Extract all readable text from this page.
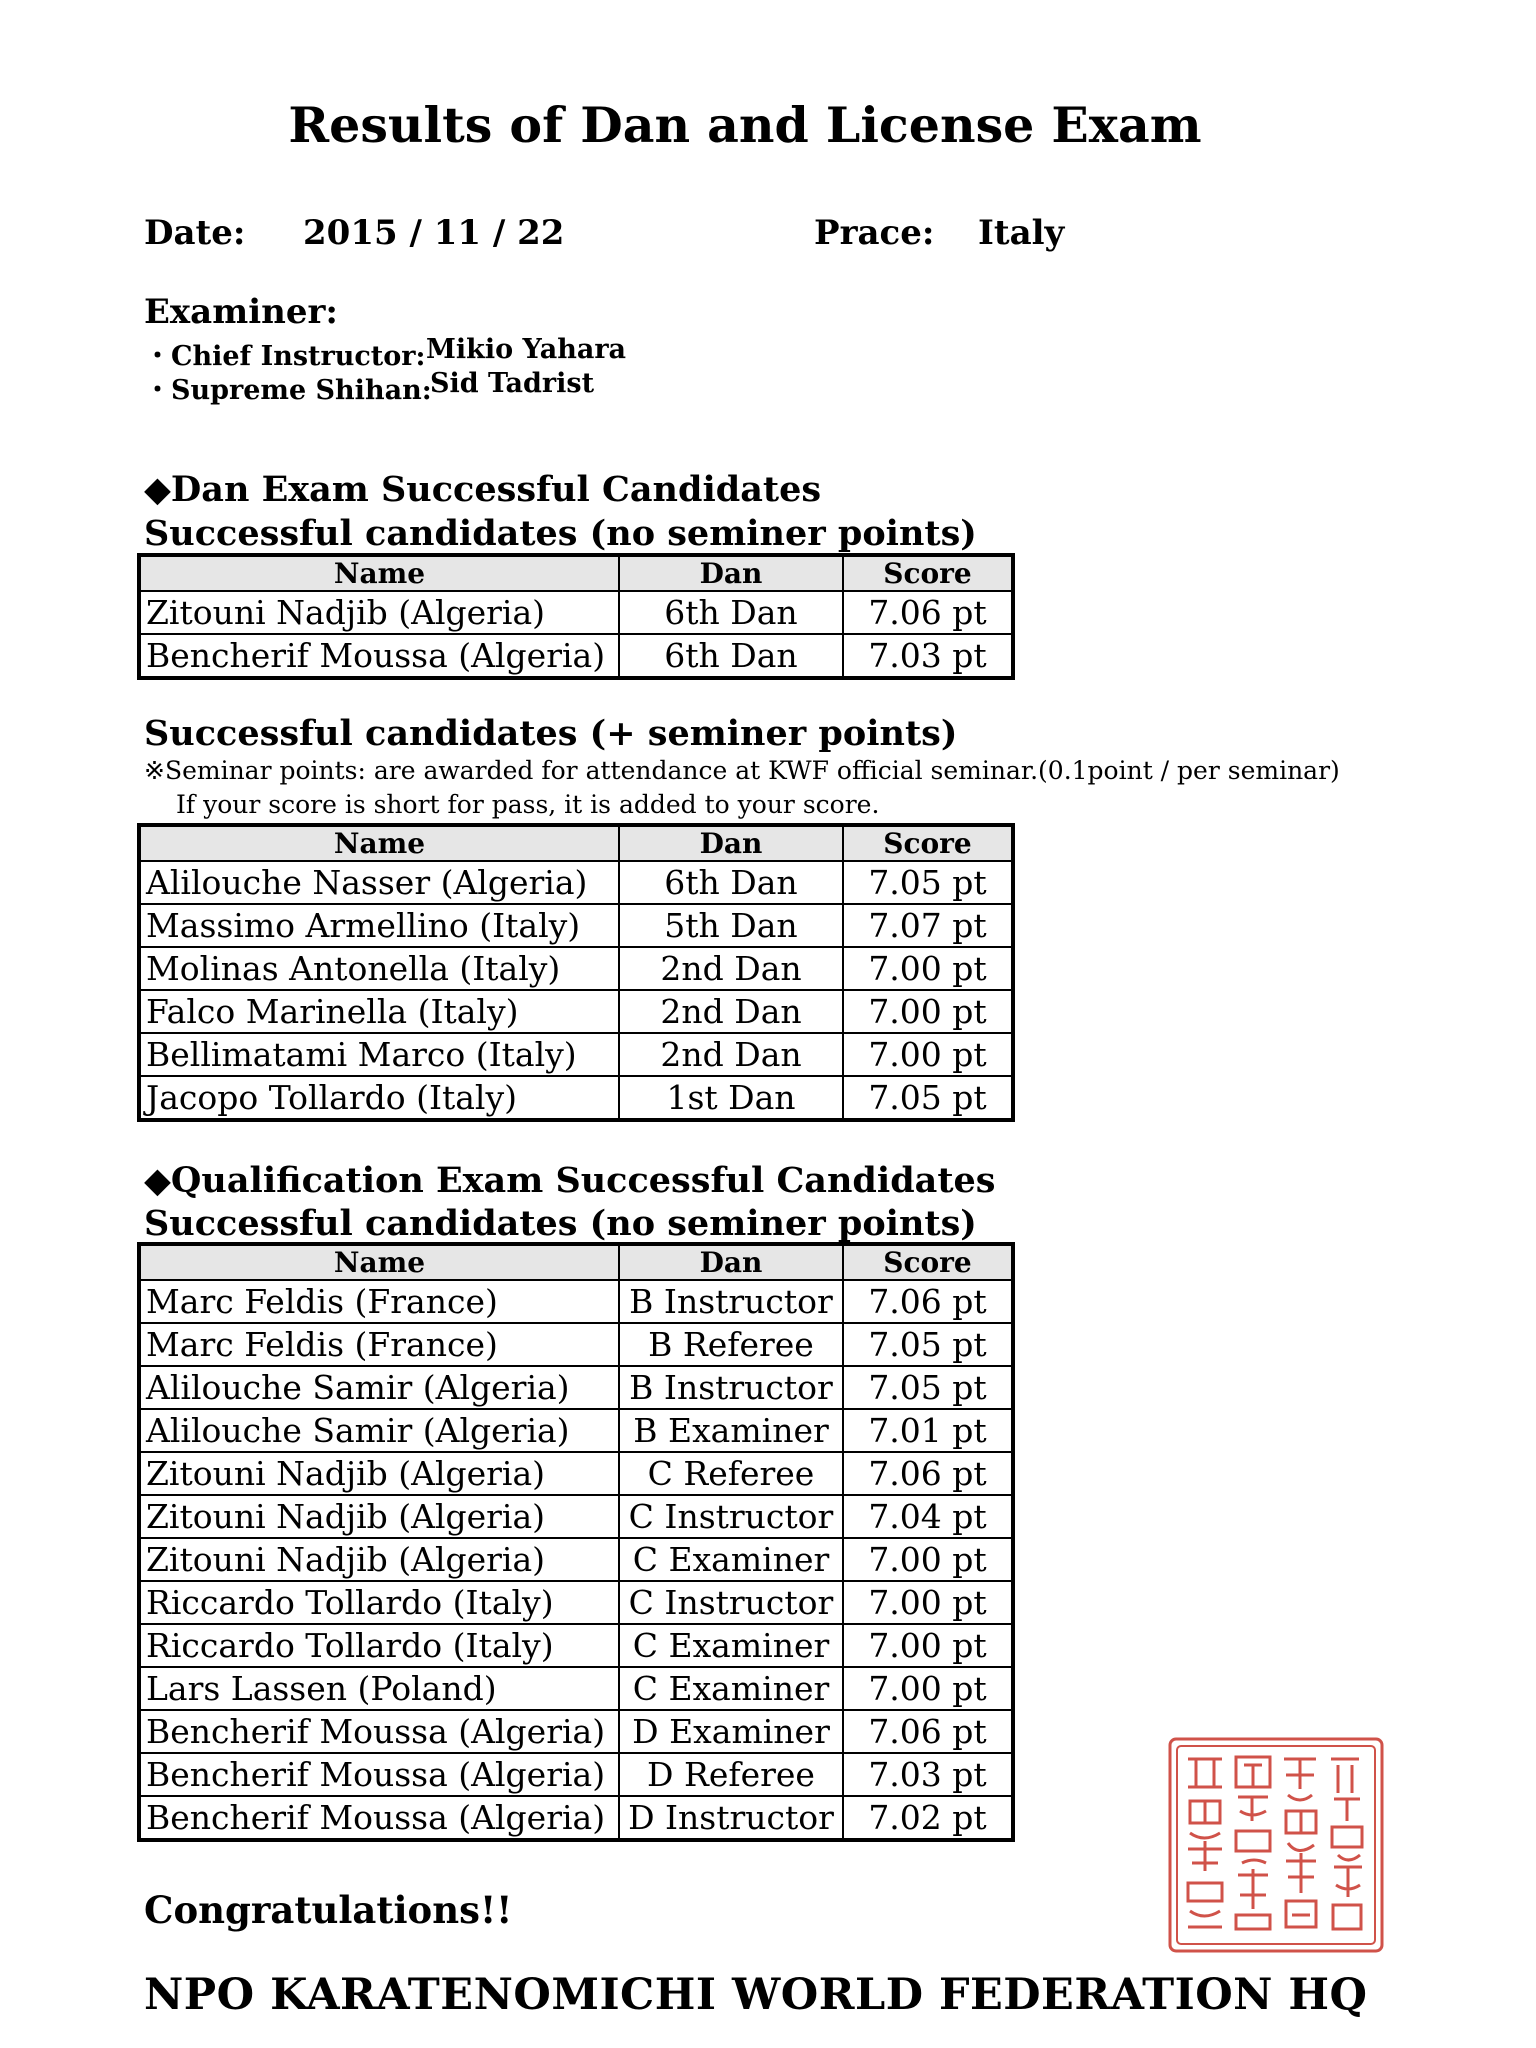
Results of Dan and License Exam
Date: 2015 / 11 / 22	Prace: Italy
Examiner:
・Chief Instructor: Mikio Yahara
・Supreme Shihan:
Sid Tadrist
◆Dan Exam Successful Candidates
Successful candidates (no seminer points)
Name	Dan	Score
Zitouni Nadjib (Algeria)	6th Dan	7.06 pt
Bencherif Moussa (Algeria)	6th Dan	7.03 pt
Successful candidates (+ seminer points)
※Seminar points: are awarded for attendance at KWF official seminar.(0.1point / per seminar)
If your score is short for pass, it is added to your score.
Name	Dan	Score
Alilouche Nasser (Algeria)	6th Dan	7.05 pt
Massimo Armellino (Italy)	5th Dan	7.07 pt
Molinas Antonella (Italy)	2nd Dan	7.00 pt
Falco Marinella (Italy)	2nd Dan	7.00 pt
Bellimatami Marco (Italy)	2nd Dan	7.00 pt
Jacopo Tollardo (Italy)	1st Dan	7.05 pt
◆Qualification Exam Successful Candidates
Successful candidates (no seminer points)
Name	Dan	Score
Marc Feldis (France)	B Instructor	7.06 pt
Marc Feldis (France)	B Referee	7.05 pt
Alilouche Samir (Algeria)	B Instructor	7.05 pt
Alilouche Samir (Algeria)	B Examiner	7.01 pt
Zitouni Nadjib (Algeria)	C Referee	7.06 pt
Zitouni Nadjib (Algeria)	C Instructor	7.04 pt
Zitouni Nadjib (Algeria)	C Examiner	7.00 pt
Riccardo Tollardo (Italy)	C Instructor	7.00 pt
Riccardo Tollardo (Italy)	C Examiner	7.00 pt
Lars Lassen (Poland)	C Examiner	7.00 pt
Bencherif Moussa (Algeria)	D Examiner	7.06 pt
Bencherif Moussa (Algeria)	D Referee	7.03 pt
Bencherif Moussa (Algeria)	D Instructor	7.02 pt
Congratulations!!
NPO KARATENOMICHI WORLD FEDERATION HQ
